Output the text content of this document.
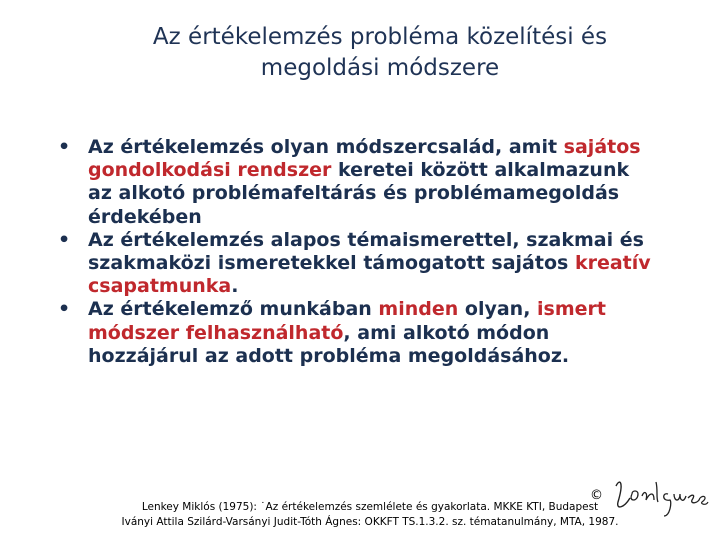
Az értékelemzés probléma közelítési és
megoldási módszere
• Az értékelemzés olyan módszercsalád, amit sajátos gondolkodási rendszer keretei között alkalmazunk az alkotó problémafeltárás és problémamegoldás érdekében
• Az értékelemzés alapos témaismerettel, szakmai és szakmaközi ismeretekkel támogatott sajátos kreatív csapatmunka.
• Az értékelemző munkában minden olyan, ismert módszer felhasználható, ami alkotó módon hozzájárul az adott probléma megoldásához.
©
Lenkey Miklós (1975): ˙Az értékelemzés szemlélete és gyakorlata. MKKE KTI, Budapest
Iványi Attila Szilárd-Varsányi Judit-Tóth Ágnes: OKKFT TS.1.3.2. sz. tématanulmány, MTA, 1987.
